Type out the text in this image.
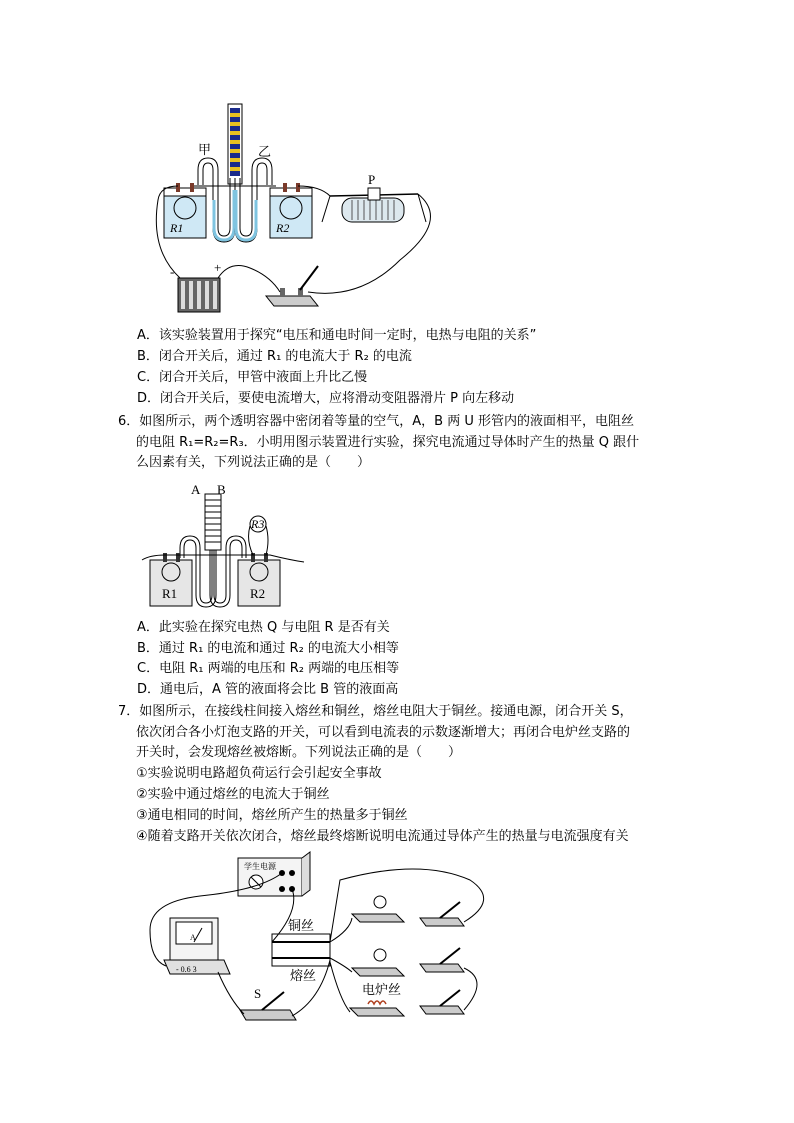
甲	乙
R1	R2
P
-	+
A．该实验装置用于探究“电压和通电时间一定时，电热与电阻的关系”
B．闭合开关后，通过 R₁ 的电流大于 R₂ 的电流
C．闭合开关后，甲管中液面上升比乙慢
D．闭合开关后，要使电流增大，应将滑动变阻器滑片 P 向左移动
6．如图所示，两个透明容器中密闭着等量的空气，A，B 两 U 形管内的液面相平，电阻丝
的电阻 R₁=R₂=R₃．小明用图示装置进行实验，探究电流通过导体时产生的热量 Q 跟什
么因素有关，下列说法正确的是（　　）
A B
R1	R2
R3
A．此实验在探究电热 Q 与电阻 R 是否有关
B．通过 R₁ 的电流和通过 R₂ 的电流大小相等
C．电阻 R₁ 两端的电压和 R₂ 两端的电压相等
D．通电后，A 管的液面将会比 B 管的液面高
7．如图所示，在接线柱间接入熔丝和铜丝，熔丝电阻大于铜丝。接通电源，闭合开关 S，
依次闭合各小灯泡支路的开关，可以看到电流表的示数逐渐增大；再闭合电炉丝支路的
开关时，会发现熔丝被熔断。下列说法正确的是（　　）
①实验说明电路超负荷运行会引起安全事故
②实验中通过熔丝的电流大于铜丝
③通电相同的时间，熔丝所产生的热量多于铜丝
④随着支路开关依次闭合，熔丝最终熔断说明电流通过导体产生的热量与电流强度有关
学生电源
A
- 0.6 3
铜丝
熔丝
S	电炉丝
